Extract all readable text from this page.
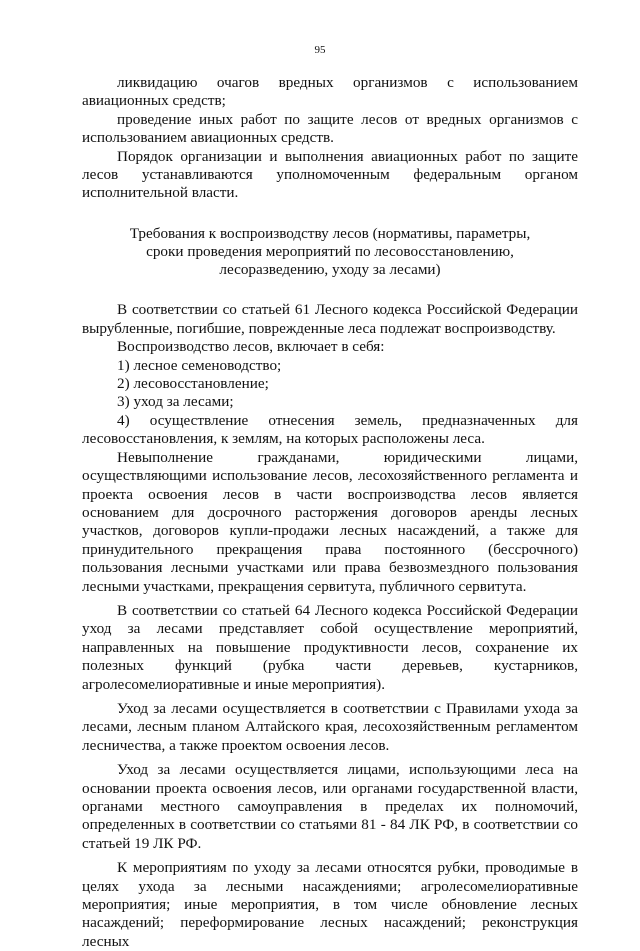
95

ликвидацию очагов вредных организмов с использованием авиационных средств;

проведение иных работ по защите лесов от вредных организмов с использованием авиационных средств.

Порядок организации и выполнения авиационных работ по защите лесов устанавливаются уполномоченным федеральным органом исполнительной власти.

Требования к воспроизводству лесов (нормативы, параметры,
сроки проведения мероприятий по лесовосстановлению,
лесоразведению, уходу за лесами)

В соответствии со статьей 61 Лесного кодекса Российской Федерации вырубленные, погибшие, поврежденные леса подлежат воспроизводству.

Воспроизводство лесов, включает в себя:

1) лесное семеноводство;

2) лесовосстановление;

3) уход за лесами;

4) осуществление отнесения земель, предназначенных для лесовосстановления, к землям, на которых расположены леса.

Невыполнение гражданами, юридическими лицами, осуществляющими использование лесов, лесохозяйственного регламента и проекта освоения лесов в части воспроизводства лесов является основанием для досрочного расторжения договоров аренды лесных участков, договоров купли-продажи лесных насаждений, а также для принудительного прекращения права постоянного (бессрочного) пользования лесными участками или права безвозмездного пользования лесными участками, прекращения сервитута, публичного сервитута.

В соответствии со статьей 64 Лесного кодекса Российской Федерации уход за лесами представляет собой осуществление мероприятий, направленных на повышение продуктивности лесов, сохранение их полезных функций (рубка части деревьев, кустарников, агролесомелиоративные и иные мероприятия).

Уход за лесами осуществляется в соответствии с Правилами ухода за лесами, лесным планом Алтайского края, лесохозяйственным регламентом лесничества, а также проектом освоения лесов.

Уход за лесами осуществляется лицами, использующими леса на основании проекта освоения лесов, или органами государственной власти, органами местного самоуправления в пределах их полномочий, определенных в соответствии со статьями 81 - 84 ЛК РФ, в соответствии со статьей 19 ЛК РФ.

К мероприятиям по уходу за лесами относятся рубки, проводимые в целях ухода за лесными насаждениями; агролесомелиоративные мероприятия; иные мероприятия, в том числе обновление лесных насаждений; переформирование лесных насаждений; реконструкция лесных
